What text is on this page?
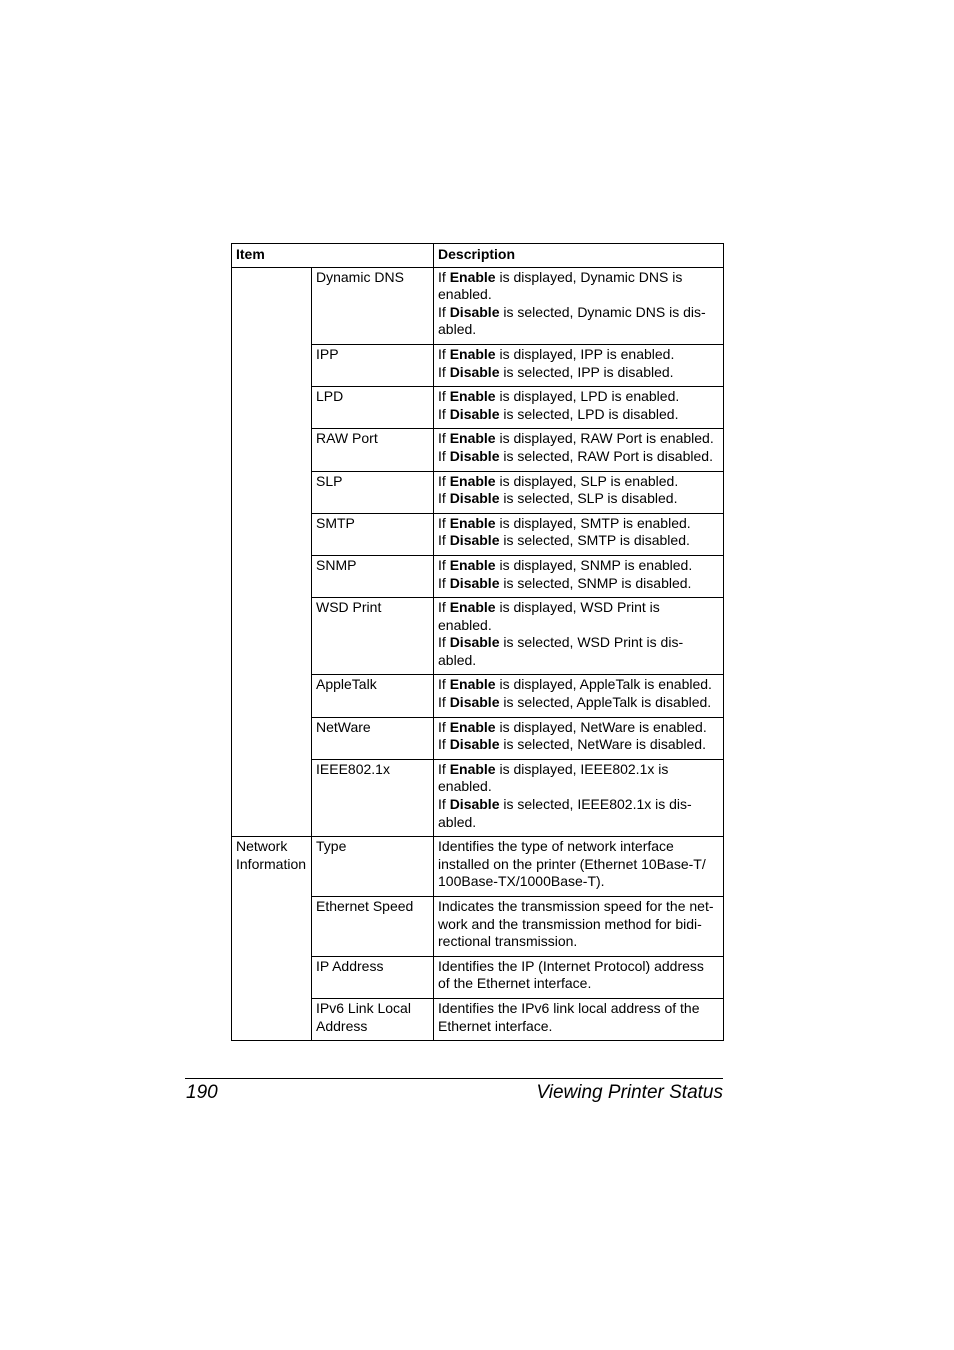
Item		Description

	Dynamic DNS	If Enable is displayed, Dynamic DNS is
enabled.
If Disable is selected, Dynamic DNS is dis-
abled.

	IPP	If Enable is displayed, IPP is enabled.
If Disable is selected, IPP is disabled.

	LPD	If Enable is displayed, LPD is enabled.
If Disable is selected, LPD is disabled.

	RAW Port	If Enable is displayed, RAW Port is enabled.
If Disable is selected, RAW Port is disabled.

	SLP	If Enable is displayed, SLP is enabled.
If Disable is selected, SLP is disabled.

	SMTP	If Enable is displayed, SMTP is enabled.
If Disable is selected, SMTP is disabled.

	SNMP	If Enable is displayed, SNMP is enabled.
If Disable is selected, SNMP is disabled.

	WSD Print	If Enable is displayed, WSD Print is
enabled.
If Disable is selected, WSD Print is dis-
abled.

	AppleTalk	If Enable is displayed, AppleTalk is enabled.
If Disable is selected, AppleTalk is disabled.

	NetWare	If Enable is displayed, NetWare is enabled.
If Disable is selected, NetWare is disabled.

	IEEE802.1x	If Enable is displayed, IEEE802.1x is
enabled.
If Disable is selected, IEEE802.1x is dis-
abled.

Network
Information	Type	Identifies the type of network interface
installed on the printer (Ethernet 10Base-T/
100Base-TX/1000Base-T).

	Ethernet Speed	Indicates the transmission speed for the net-
work and the transmission method for bidi-
rectional transmission.

	IP Address	Identifies the IP (Internet Protocol) address
of the Ethernet interface.

	IPv6 Link Local
Address	Identifies the IPv6 link local address of the
Ethernet interface.
190	Viewing Printer Status
